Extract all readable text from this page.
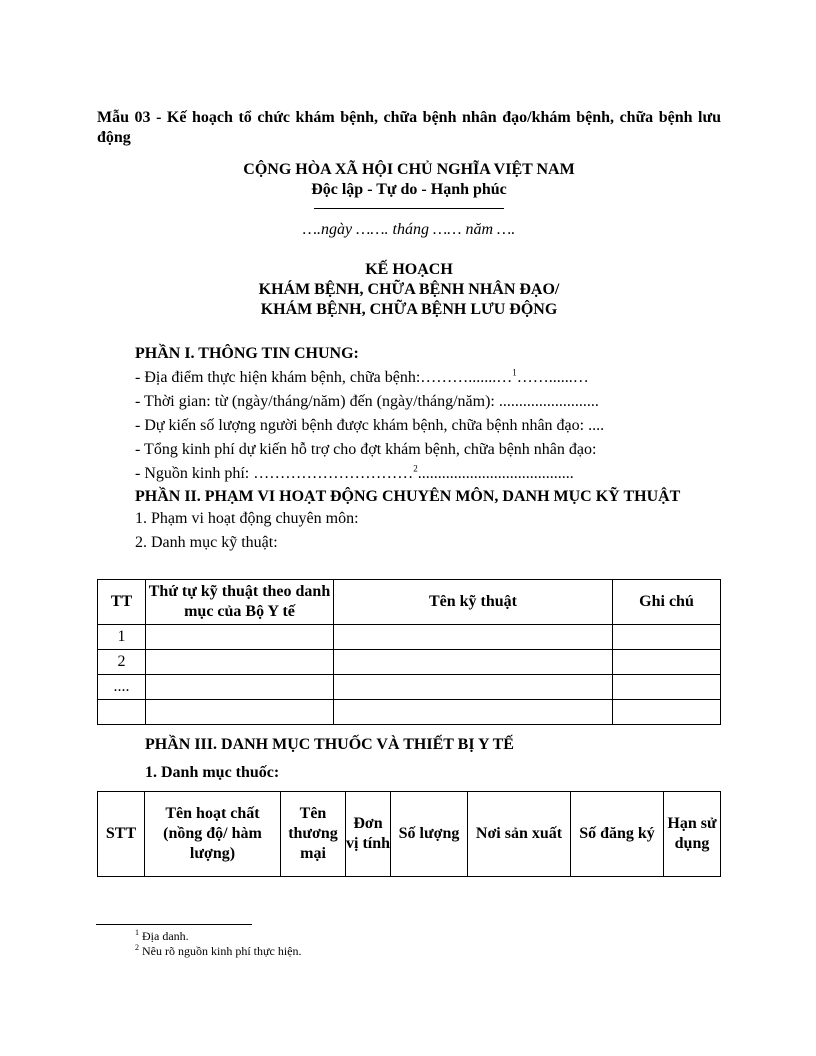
Mẫu 03 - Kế hoạch tổ chức khám bệnh, chữa bệnh nhân đạo/khám bệnh, chữa bệnh lưu động
CỘNG HÒA XÃ HỘI CHỦ NGHĨA VIỆT NAM
Độc lập - Tự do - Hạnh phúc
….ngày ……. tháng …… năm ….
KẾ HOẠCH
KHÁM BỆNH, CHỮA BỆNH NHÂN ĐẠO/
KHÁM BỆNH, CHỮA BỆNH LƯU ĐỘNG
PHẦN I. THÔNG TIN CHUNG:
- Địa điểm thực hiện khám bệnh, chữa bệnh:……….......…$^1$……......…
- Thời gian: từ (ngày/tháng/năm) đến (ngày/tháng/năm): .........................
- Dự kiến số lượng người bệnh được khám bệnh, chữa bệnh nhân đạo: ....
- Tổng kinh phí dự kiến hỗ trợ cho đợt khám bệnh, chữa bệnh nhân đạo:
- Nguồn kinh phí: …………………………$^2$.......................................
PHẦN II. PHẠM VI HOẠT ĐỘNG CHUYÊN MÔN, DANH MỤC KỸ THUẬT
1. Phạm vi hoạt động chuyên môn:
2. Danh mục kỹ thuật:
TT	Thứ tự kỹ thuật theo danh mục của Bộ Y tế	Tên kỹ thuật	Ghi chú
1			
2			
....			

PHẦN III. DANH MỤC THUỐC VÀ THIẾT BỊ Y TẾ
1. Danh mục thuốc:
STT	Tên hoạt chất (nồng độ/ hàm lượng)	Tên thương mại	Đơn vị tính	Số lượng	Nơi sản xuất	Số đăng ký	Hạn sử dụng
$^1$ Địa danh.
$^2$ Nêu rõ nguồn kinh phí thực hiện.
